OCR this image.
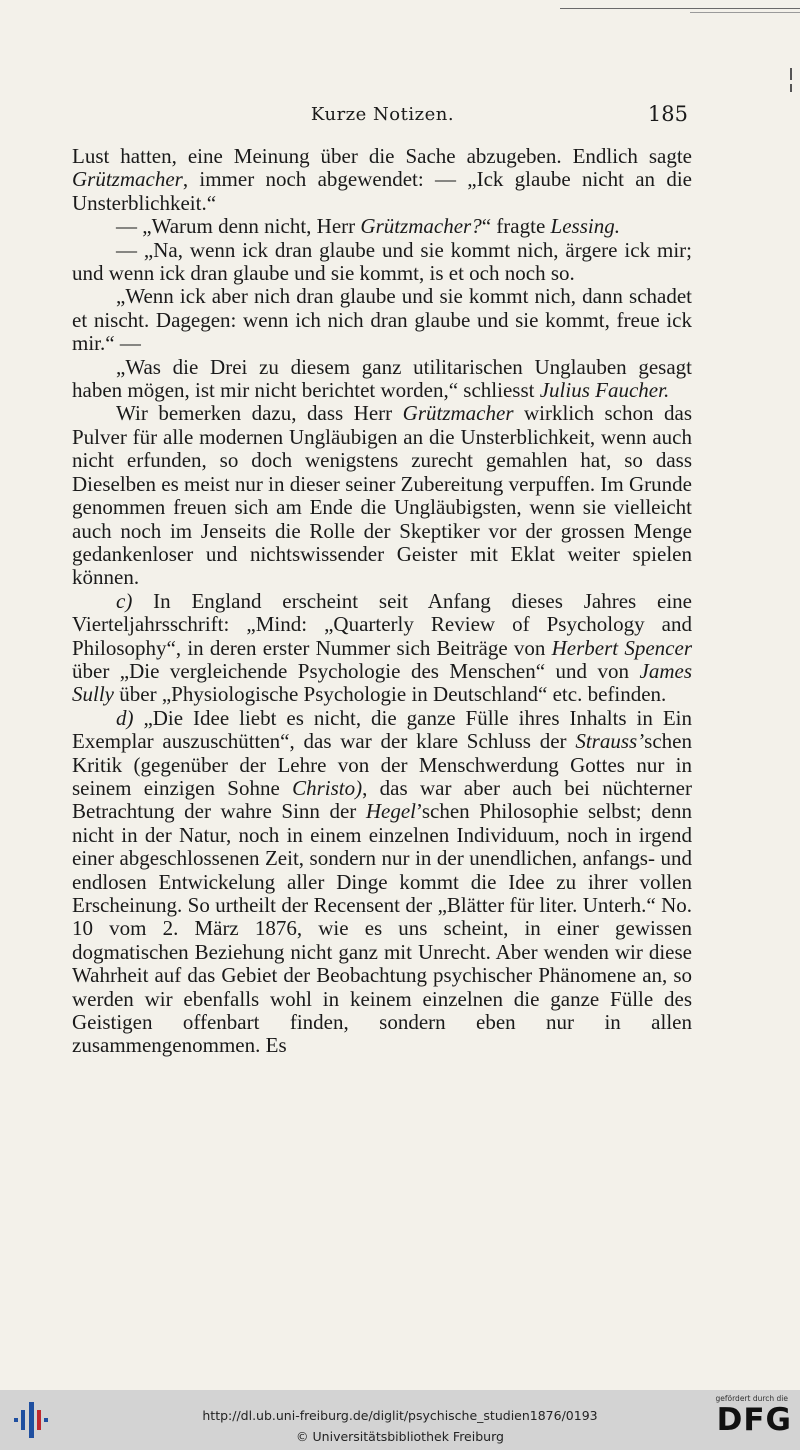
Kurze Notizen.	185

Lust hatten, eine Meinung über die Sache abzugeben. Endlich sagte Grützmacher, immer noch abgewendet: — „Ick glaube nicht an die Unsterblichkeit.“

— „Warum denn nicht, Herr Grützmacher?“ fragte Lessing.

— „Na, wenn ick dran glaube und sie kommt nich, ärgere ick mir; und wenn ick dran glaube und sie kommt, is et och noch so.

„Wenn ick aber nich dran glaube und sie kommt nich, dann schadet et nischt. Dagegen: wenn ich nich dran glaube und sie kommt, freue ick mir.“ —

„Was die Drei zu diesem ganz utilitarischen Unglauben gesagt haben mögen, ist mir nicht berichtet worden,“ schliesst Julius Faucher.

Wir bemerken dazu, dass Herr Grützmacher wirklich schon das Pulver für alle modernen Ungläubigen an die Unsterblichkeit, wenn auch nicht erfunden, so doch wenigstens zurecht gemahlen hat, so dass Dieselben es meist nur in dieser seiner Zubereitung verpuffen. Im Grunde genommen freuen sich am Ende die Ungläubigsten, wenn sie vielleicht auch noch im Jenseits die Rolle der Skeptiker vor der grossen Menge gedankenloser und nichtswissender Geister mit Eklat weiter spielen können.

c) In England erscheint seit Anfang dieses Jahres eine Vierteljahrsschrift: „Mind: „Quarterly Review of Psychology and Philosophy“, in deren erster Nummer sich Beiträge von Herbert Spencer über „Die vergleichende Psychologie des Menschen“ und von James Sully über „Physiologische Psychologie in Deutschland“ etc. befinden.

d) „Die Idee liebt es nicht, die ganze Fülle ihres Inhalts in Ein Exemplar auszuschütten“, das war der klare Schluss der Strauss’schen Kritik (gegenüber der Lehre von der Menschwerdung Gottes nur in seinem einzigen Sohne Christo), das war aber auch bei nüchterner Betrachtung der wahre Sinn der Hegel’schen Philosophie selbst; denn nicht in der Natur, noch in einem einzelnen Individuum, noch in irgend einer abgeschlossenen Zeit, sondern nur in der unendlichen, anfangs- und endlosen Entwickelung aller Dinge kommt die Idee zu ihrer vollen Erscheinung. So urtheilt der Recensent der „Blätter für liter. Unterh.“ No. 10 vom 2. März 1876, wie es uns scheint, in einer gewissen dogmatischen Beziehung nicht ganz mit Unrecht. Aber wenden wir diese Wahrheit auf das Gebiet der Beobachtung psychischer Phänomene an, so werden wir ebenfalls wohl in keinem einzelnen die ganze Fülle des Geistigen offenbart finden, sondern eben nur in allen zusammengenommen. Es

http://dl.ub.uni-freiburg.de/diglit/psychische_studien1876/0193
© Universitätsbibliothek Freiburg
gefördert durch die
DFG
